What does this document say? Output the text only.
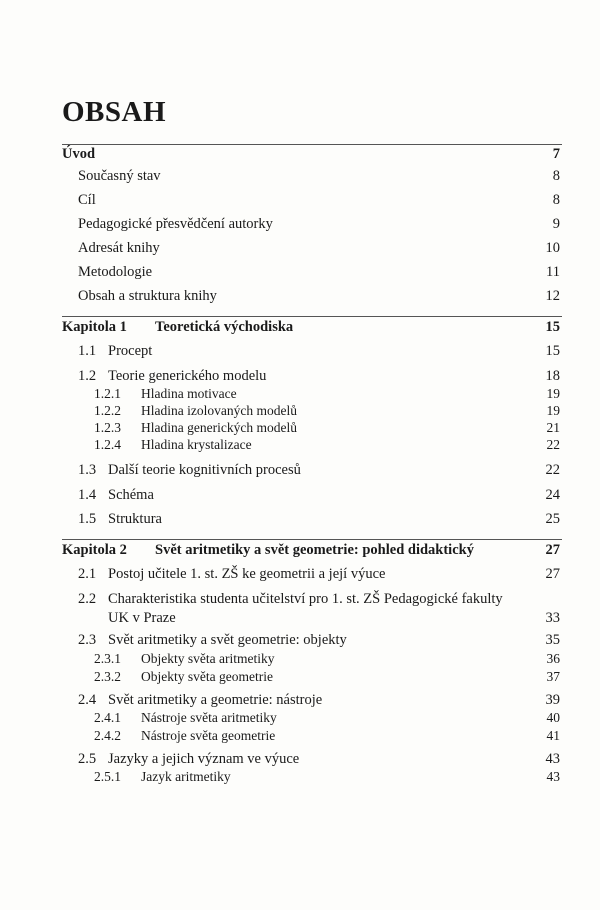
OBSAH
Úvod	7
Současný stav	8
Cíl	8
Pedagogické přesvědčení autorky	9
Adresát knihy	10
Metodologie	11
Obsah a struktura knihy	12
Kapitola 1 Teoretická východiska	15
1.1 Procept	15
1.2 Teorie generického modelu	18
1.2.1 Hladina motivace	19
1.2.2 Hladina izolovaných modelů	19
1.2.3 Hladina generických modelů	21
1.2.4 Hladina krystalizace	22
1.3 Další teorie kognitivních procesů	22
1.4 Schéma	24
1.5 Struktura	25
Kapitola 2 Svět aritmetiky a svět geometrie: pohled didaktický	27
2.1 Postoj učitele 1. st. ZŠ ke geometrii a její výuce	27
2.2 Charakteristika studenta učitelství pro 1. st. ZŠ Pedagogické fakulty
UK v Praze	33
2.3 Svět aritmetiky a svět geometrie: objekty	35
2.3.1 Objekty světa aritmetiky	36
2.3.2 Objekty světa geometrie	37
2.4 Svět aritmetiky a geometrie: nástroje	39
2.4.1 Nástroje světa aritmetiky	40
2.4.2 Nástroje světa geometrie	41
2.5 Jazyky a jejich význam ve výuce	43
2.5.1 Jazyk aritmetiky	43
